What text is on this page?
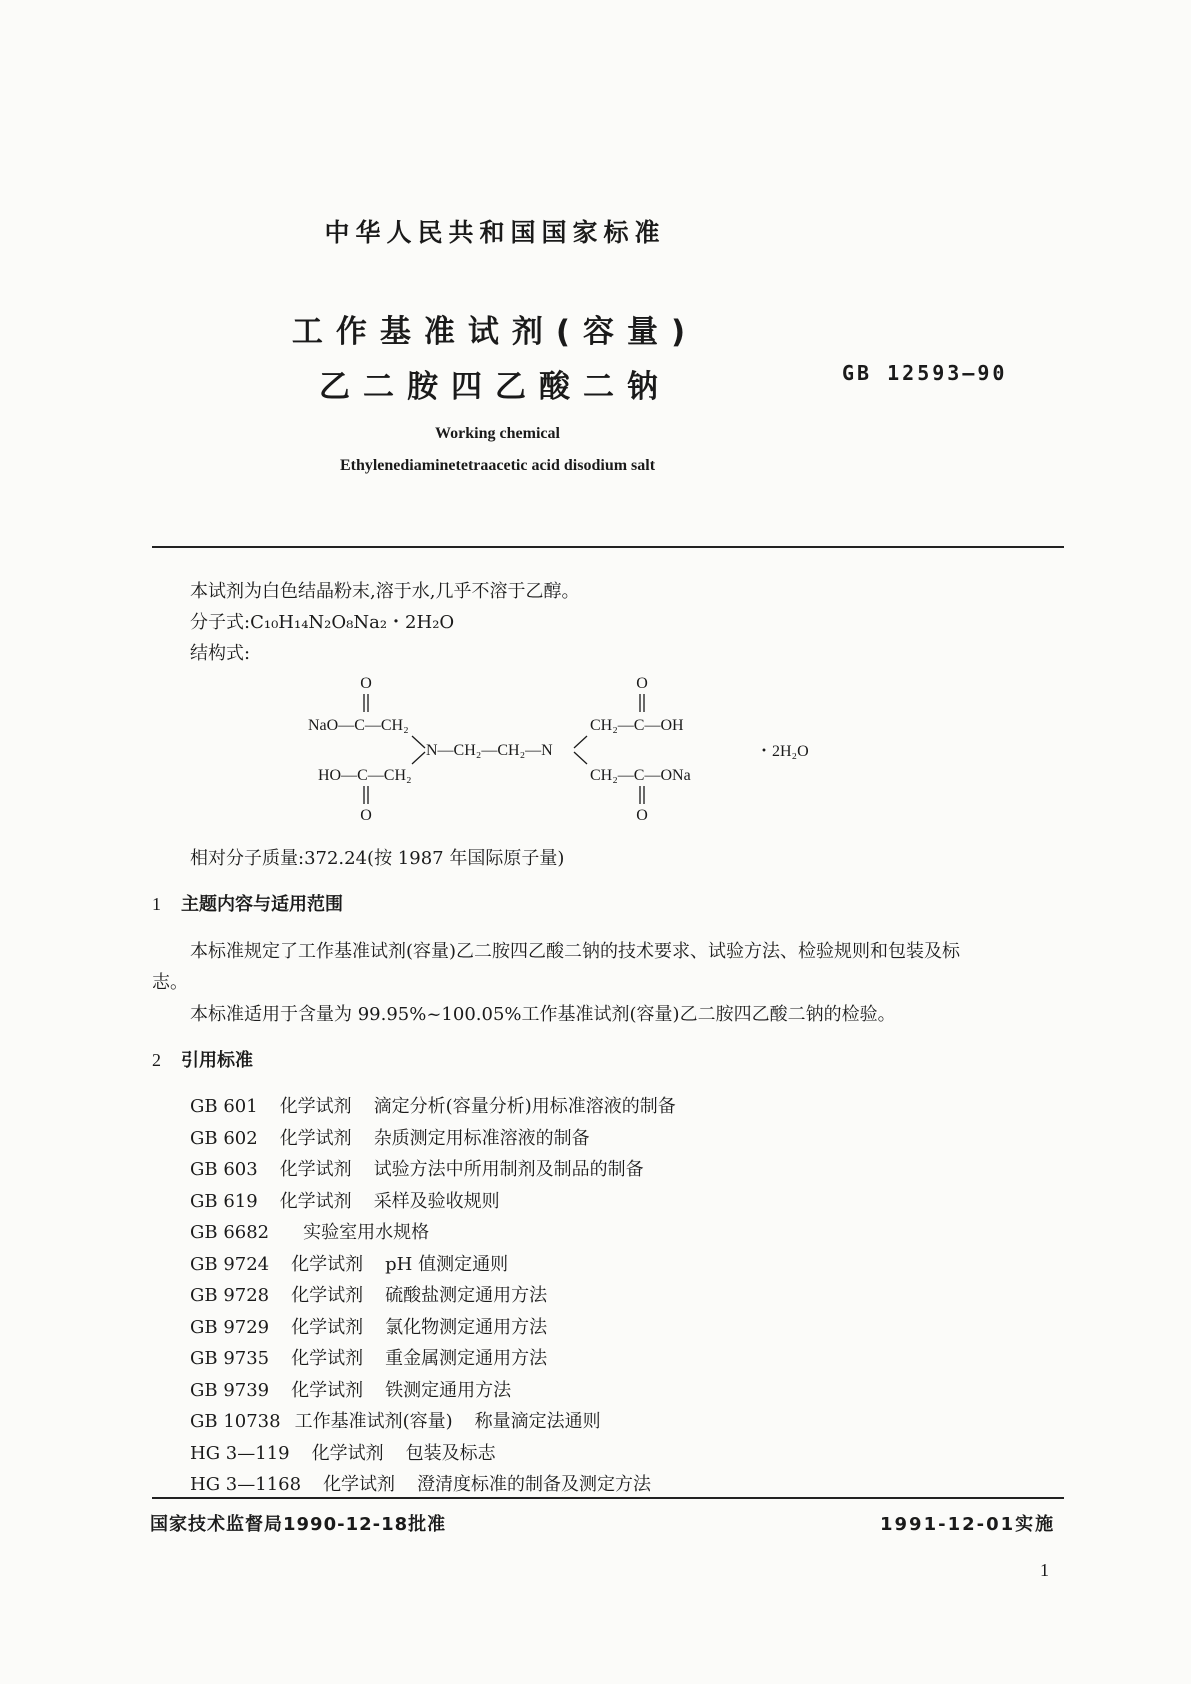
中华人民共和国国家标准
工作基准试剂(容量)
乙二胺四乙酸二钠	GB 12593—90
Working chemical
Ethylenediaminetetraacetic acid disodium salt
本试剂为白色结晶粉末,溶于水,几乎不溶于乙醇。
分子式:C₁₀H₁₄N₂O₈Na₂・2H₂O
结构式:
O
NaO—C—CH₂
HO—C—CH₂
O
N—CH₂—CH₂—N
O
CH₂—C—OH
CH₂—C—ONa
O
・2H₂O
相对分子质量:372.24(按 1987 年国际原子量)
1 主题内容与适用范围
本标准规定了工作基准试剂(容量)乙二胺四乙酸二钠的技术要求、试验方法、检验规则和包装及标
志。
本标准适用于含量为 99.95%~100.05%工作基准试剂(容量)乙二胺四乙酸二钠的检验。
2 引用标准
GB 601 化学试剂 滴定分析(容量分析)用标准溶液的制备
GB 602 化学试剂 杂质测定用标准溶液的制备
GB 603 化学试剂 试验方法中所用制剂及制品的制备
GB 619 化学试剂 采样及验收规则
GB 6682 实验室用水规格
GB 9724 化学试剂 pH 值测定通则
GB 9728 化学试剂 硫酸盐测定通用方法
GB 9729 化学试剂 氯化物测定通用方法
GB 9735 化学试剂 重金属测定通用方法
GB 9739 化学试剂 铁测定通用方法
GB 10738 工作基准试剂(容量) 称量滴定法通则
HG 3—119 化学试剂 包装及标志
HG 3—1168 化学试剂 澄清度标准的制备及测定方法
国家技术监督局1990-12-18批准	1991-12-01实施
1
